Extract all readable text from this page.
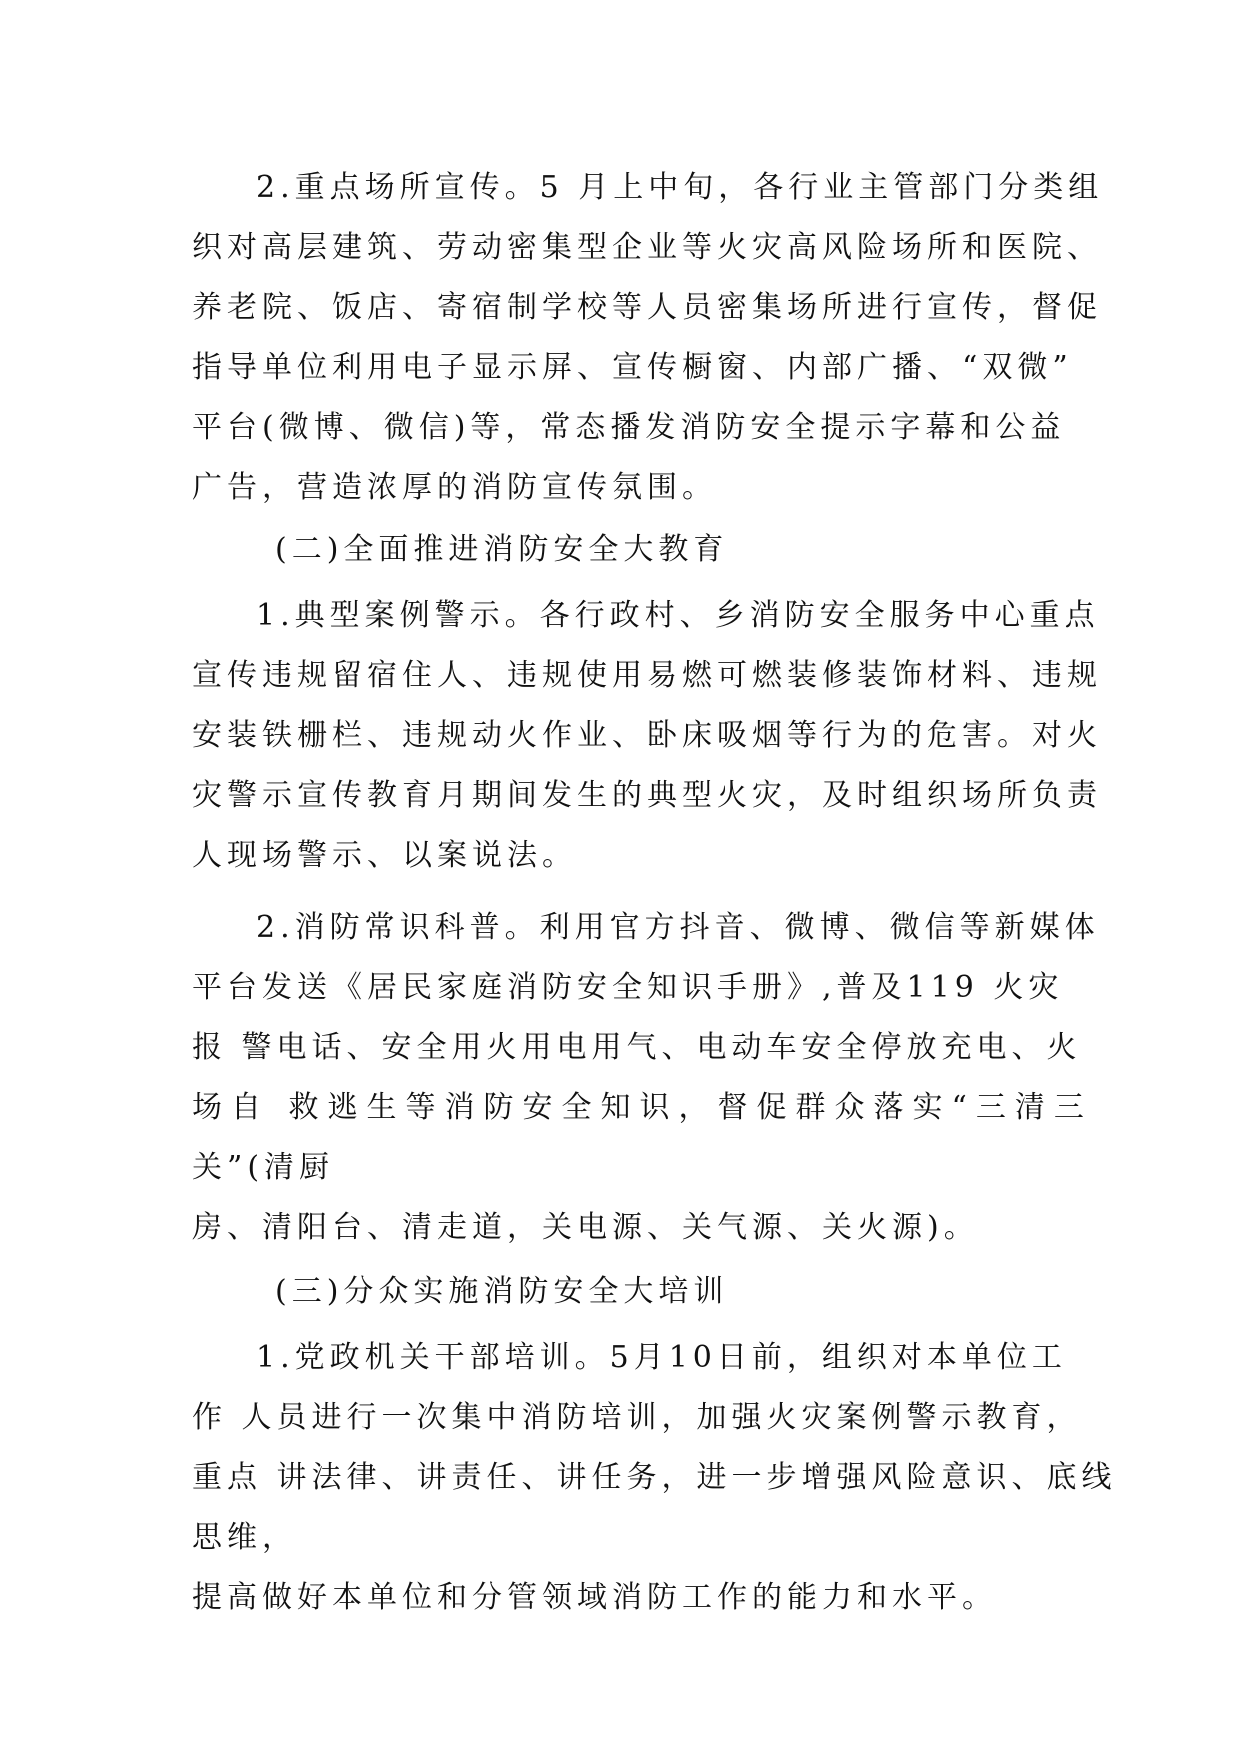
2.重点场所宣传。5 月上中旬，各行业主管部门分类组
织对高层建筑、劳动密集型企业等火灾高风险场所和医院、
养老院、饭店、寄宿制学校等人员密集场所进行宣传，督促
指导单位利用电子显示屏、宣传橱窗、内部广播、“双微”
平台(微博、微信)等，常态播发消防安全提示字幕和公益
广告，营造浓厚的消防宣传氛围。
(二)全面推进消防安全大教育
1.典型案例警示。各行政村、乡消防安全服务中心重点
宣传违规留宿住人、违规使用易燃可燃装修装饰材料、违规
安装铁栅栏、违规动火作业、卧床吸烟等行为的危害。对火
灾警示宣传教育月期间发生的典型火灾，及时组织场所负责
人现场警示、以案说法。
2.消防常识科普。利用官方抖音、微博、微信等新媒体
平台发送《居民家庭消防安全知识手册》,普及119 火灾
报 警电话、安全用火用电用气、电动车安全停放充电、火
场自 救逃生等消防安全知识，督促群众落实“三清三
关”(清厨
房、清阳台、清走道，关电源、关气源、关火源)。
(三)分众实施消防安全大培训
1.党政机关干部培训。5月10日前，组织对本单位工
作 人员进行一次集中消防培训，加强火灾案例警示教育，
重点 讲法律、讲责任、讲任务，进一步增强风险意识、底线
思维，
提高做好本单位和分管领域消防工作的能力和水平。
